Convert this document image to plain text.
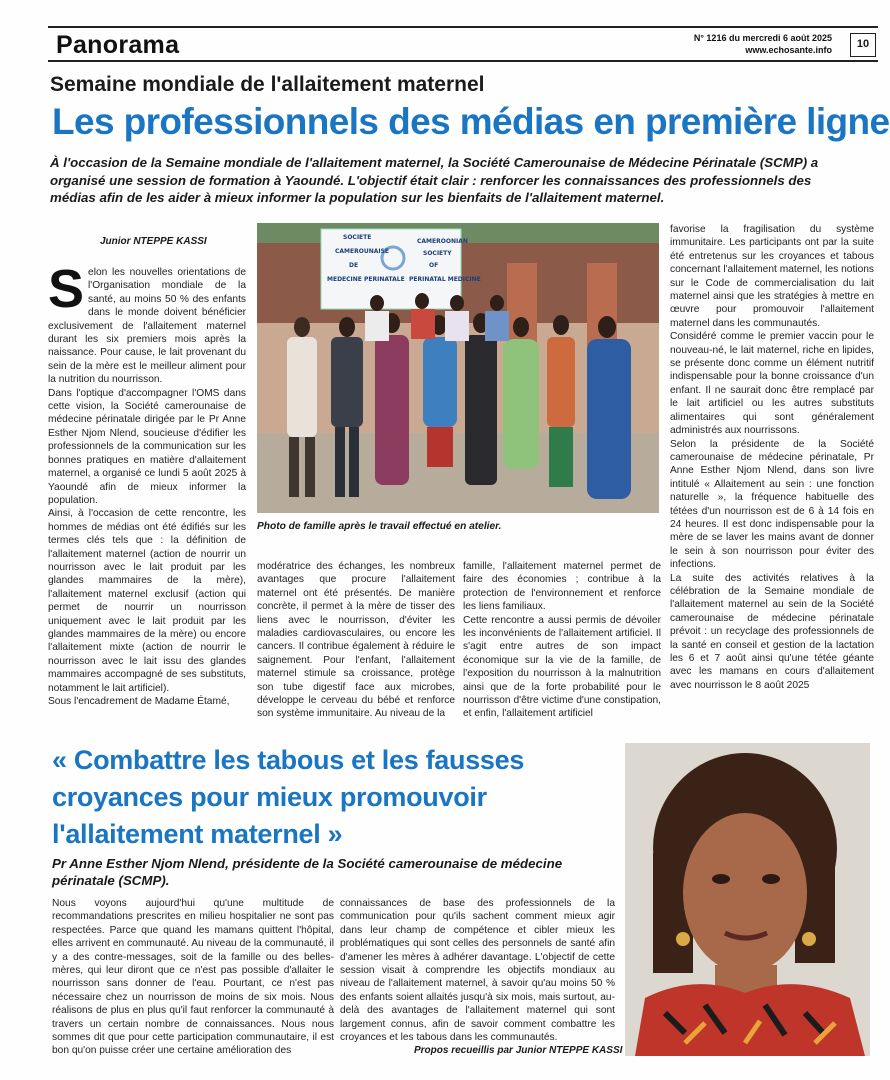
Panorama	N° 1216 du mercredi 6 août 2025
www.echosante.info	10
Semaine mondiale de l'allaitement maternel
Les professionnels des médias en première ligne
À l'occasion de la Semaine mondiale de l'allaitement maternel, la Société Camerounaise de Médecine Périnatale (SCMP) a organisé une session de formation à Yaoundé. L'objectif était clair : renforcer les connaissances des professionnels des médias afin de les aider à mieux informer la population sur les bienfaits de l'allaitement maternel.
Junior NTEPPE KASSI

Selon les nouvelles orientations de l'Organisation mondiale de la santé, au moins 50 % des enfants dans le monde doivent bénéficier exclusivement de l'allaitement maternel durant les six premiers mois après la naissance. Pour cause, le lait provenant du sein de la mère est le meilleur aliment pour la nutrition du nourrisson.

Dans l'optique d'accompagner l'OMS dans cette vision, la Société camerounaise de médecine périnatale dirigée par le Pr Anne Esther Njom Nlend, soucieuse d'édifier les professionnels de la communication sur les bonnes pratiques en matière d'allaitement maternel, a organisé ce lundi 5 août 2025 à Yaoundé afin de mieux informer la population.

Ainsi, à l'occasion de cette rencontre, les hommes de médias ont été édifiés sur les termes clés tels que : la définition de l'allaitement maternel (action de nourrir un nourrisson avec le lait produit par les glandes mammaires de la mère), l'allaitement maternel exclusif (action qui permet de nourrir un nourrisson uniquement avec le lait produit par les glandes mammaires de la mère) ou encore l'allaitement mixte (action de nourrir le nourrisson avec le lait issu des glandes mammaires accompagné de ses substituts, notamment le lait artificiel).

Sous l'encadrement de Madame Étamé,

SOCIETE
CAMEROUNAISE
DE
MEDECINE PERINATALE
CAMEROONIAN
SOCIETY
OF
PERINATAL MEDICINE
Photo de famille après le travail effectué en atelier.

modératrice des échanges, les nombreux avantages que procure l'allaitement maternel ont été présentés. De manière concrète, il permet à la mère de tisser des liens avec le nourrisson, d'éviter les maladies cardiovasculaires, ou encore les cancers. Il contribue également à réduire le saignement. Pour l'enfant, l'allaitement maternel stimule sa croissance, protège son tube digestif face aux microbes, développe le cerveau du bébé et renforce son système immunitaire. Au niveau de la

famille, l'allaitement maternel permet de faire des économies ; contribue à la protection de l'environnement et renforce les liens familiaux.

Cette rencontre a aussi permis de dévoiler les inconvénients de l'allaitement artificiel. Il s'agit entre autres de son impact économique sur la vie de la famille, de l'exposition du nourrisson à la malnutrition ainsi que de la forte probabilité pour le nourrisson d'être victime d'une constipation, et enfin, l'allaitement artificiel

favorise la fragilisation du système immunitaire. Les participants ont par la suite été entretenus sur les croyances et tabous concernant l'allaitement maternel, les notions sur le Code de commercialisation du lait maternel ainsi que les stratégies à mettre en œuvre pour promouvoir l'allaitement maternel dans les communautés.

Considéré comme le premier vaccin pour le nouveau-né, le lait maternel, riche en lipides, se présente donc comme un élément nutritif indispensable pour la bonne croissance d'un enfant. Il ne saurait donc être remplacé par le lait artificiel ou les autres substituts alimentaires qui sont généralement administrés aux nourrissons.

Selon la présidente de la Société camerounaise de médecine périnatale, Pr Anne Esther Njom Nlend, dans son livre intitulé « Allaitement au sein : une fonction naturelle », la fréquence habituelle des tétées d'un nourrisson est de 6 à 14 fois en 24 heures. Il est donc indispensable pour la mère de se laver les mains avant de donner le sein à son nourrisson pour éviter des infections.

La suite des activités relatives à la célébration de la Semaine mondiale de l'allaitement maternel au sein de la Société camerounaise de médecine périnatale prévoit : un recyclage des professionnels de la santé en conseil et gestion de la lactation les 6 et 7 août ainsi qu'une tétée géante avec les mamans en cours d'allaitement avec nourrisson le 8 août 2025

« Combattre les tabous et les fausses
croyances pour mieux promouvoir
l'allaitement maternel »
Pr Anne Esther Njom Nlend, présidente de la Société camerounaise de médecine périnatale (SCMP).

Nous voyons aujourd'hui qu'une multitude de recommandations prescrites en milieu hospitalier ne sont pas respectées. Parce que quand les mamans quittent l'hôpital, elles arrivent en communauté. Au niveau de la communauté, il y a des contre-messages, soit de la famille ou des belles-mères, qui leur diront que ce n'est pas possible d'allaiter le nourrisson sans donner de l'eau. Pourtant, ce n'est pas nécessaire chez un nourrisson de moins de six mois. Nous réalisons de plus en plus qu'il faut renforcer la communauté à travers un certain nombre de connaissances. Nous nous sommes dit que pour cette participation communautaire, il est bon qu'on puisse créer une certaine amélioration des

connaissances de base des professionnels de la communication pour qu'ils sachent comment mieux agir dans leur champ de compétence et cibler mieux les problématiques qui sont celles des personnels de santé afin d'amener les mères à adhérer davantage. L'objectif de cette session visait à comprendre les objectifs mondiaux au niveau de l'allaitement maternel, à savoir qu'au moins 50 % des enfants soient allaités jusqu'à six mois, mais surtout, au-delà des avantages de l'allaitement maternel qui sont largement connus, afin de savoir comment combattre les croyances et les tabous dans les communautés.

Propos recueillis par Junior NTEPPE KASSI
